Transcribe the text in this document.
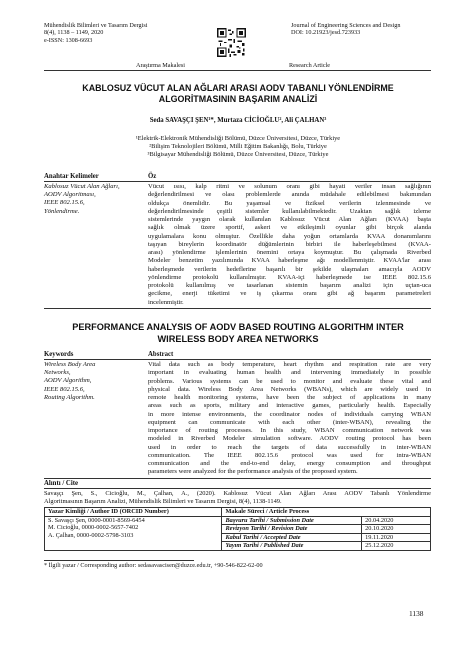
Mühendislik Bilimleri ve Tasarım Dergisi
8(4), 1138 – 1149, 2020
e-ISSN: 1308-6693
Journal of Engineering Sciences and Design
DOI: 10.21923/jesd.723933
Araştırma Makalesi	Research Article
KABLOSUZ VÜCUT ALAN AĞLARI ARASI AODV TABANLI YÖNLENDİRME
ALGORİTMASININ BAŞARIM ANALİZİ
Seda SAVAŞÇI ŞEN¹*, Murtaza CİCİOĞLU², Ali ÇALHAN³
¹Elektrik-Elektronik Mühendisliği Bölümü, Düzce Üniversitesi, Düzce, Türkiye
²Bilişim Teknolojileri Bölümü, Milli Eğitim Bakanlığı, Bolu, Türkiye
³Bilgisayar Mühendisliği Bölümü, Düzce Üniversitesi, Düzce, Türkiye
Anahtar Kelimeler	Öz
Kablosuz Vücut Alan Ağları,
AODV Algoritması,
IEEE 802.15.6,
Yönlendirme.
Vücut ısısı, kalp ritmi ve solunum oranı gibi hayati veriler insan sağlığının
değerlendirilmesi ve olası problemlerde anında müdahale edilebilmesi bakımından
oldukça önemlidir. Bu yaşamsal ve fiziksel verilerin izlenmesinde ve
değerlendirilmesinde çeşitli sistemler kullanılabilmektedir. Uzaktan sağlık izleme
sistemlerinde yaygın olarak kullanılan Kablosuz Vücut Alan Ağları (KVAA) başta
sağlık olmak üzere sportif, askeri ve etkileşimli oyunlar gibi birçok alanda
uygulamalara konu olmuştur. Özellikle daha yoğun ortamlarda KVAA donanımlarını
taşıyan bireylerin koordinatör düğümlerinin birbiri ile haberleşebilmesi (KVAA-
arası) yönlendirme işlemlerinin önemini ortaya koymuştur. Bu çalışmada Riverbed
Modeler benzetim yazılımında KVAA haberleşme ağı modellenmiştir. KVAA'lar arası
haberleşmede verilerin hedeflerine başarılı bir şekilde ulaşmaları amacıyla AODV
yönlendirme protokolü kullanılmıştır. KVAA-içi haberleşmede ise IEEE 802.15.6
protokolü kullanılmış ve tasarlanan sistemin başarım analizi için uçtan-uca
gecikme, enerji tüketimi ve iş çıkarma oranı gibi ağ başarım parametreleri
incelenmiştir.
PERFORMANCE ANALYSIS OF AODV BASED ROUTING ALGORITHM INTER
WIRELESS BODY AREA NETWORKS
Keywords	Abstract
Wireless Body Area
Networks,
AODV Algorithm,
IEEE 802.15.6,
Routing Algorithm.
Vital data such as body temperature, heart rhythm and respiration rate are very
important in evaluating human health and intervening immediately in possible
problems. Various systems can be used to monitor and evaluate these vital and
physical data. Wireless Body Area Networks (WBANs), which are widely used in
remote health monitoring systems, have been the subject of applications in many
areas such as sports, military and interactive games, particularly health. Especially
in more intense environments, the coordinator nodes of individuals carrying WBAN
equipment can communicate with each other (inter-WBAN), revealing the
importance of routing processes. In this study, WBAN communication network was
modeled in Riverbed Modeler simulation software. AODV routing protocol has been
used in order to reach the targets of data successfully in inter-WBAN
communication. The IEEE 802.15.6 protocol was used for intra-WBAN
communication and the end-to-end delay, energy consumption and throughput
parameters were analyzed for the performance analysis of the proposed system.
Alıntı / Cite
Savaşçı Şen, S., Cicioğlu, M., Çalhan, A., (2020). Kablosuz Vücut Alan Ağları Arası AODV Tabanlı Yönlendirme
Algoritmasının Başarım Analizi, Mühendislik Bilimleri ve Tasarım Dergisi, 8(4), 1138-1149.
Yazar Kimliği / Author ID (ORCID Number)	Makale Süreci / Article Process	

S. Savaşçı Şen, 0000-0001-8569-6454
M. Cicioğlu, 0000-0002-5657-7402
A. Çalhan, 0000-0002-5798-3103	Başvuru Tarihi / Submission Date	20.04.2020
	Revizyon Tarihi / Revision Date	20.10.2020
	Kabul Tarihi / Accepted Date	19.11.2020
	Yayım Tarihi / Published Date	25.12.2020
* İlgili yazar / Corresponding author: sedasavascisen@duzce.edu.tr, +90-546-822-62-00
1138
